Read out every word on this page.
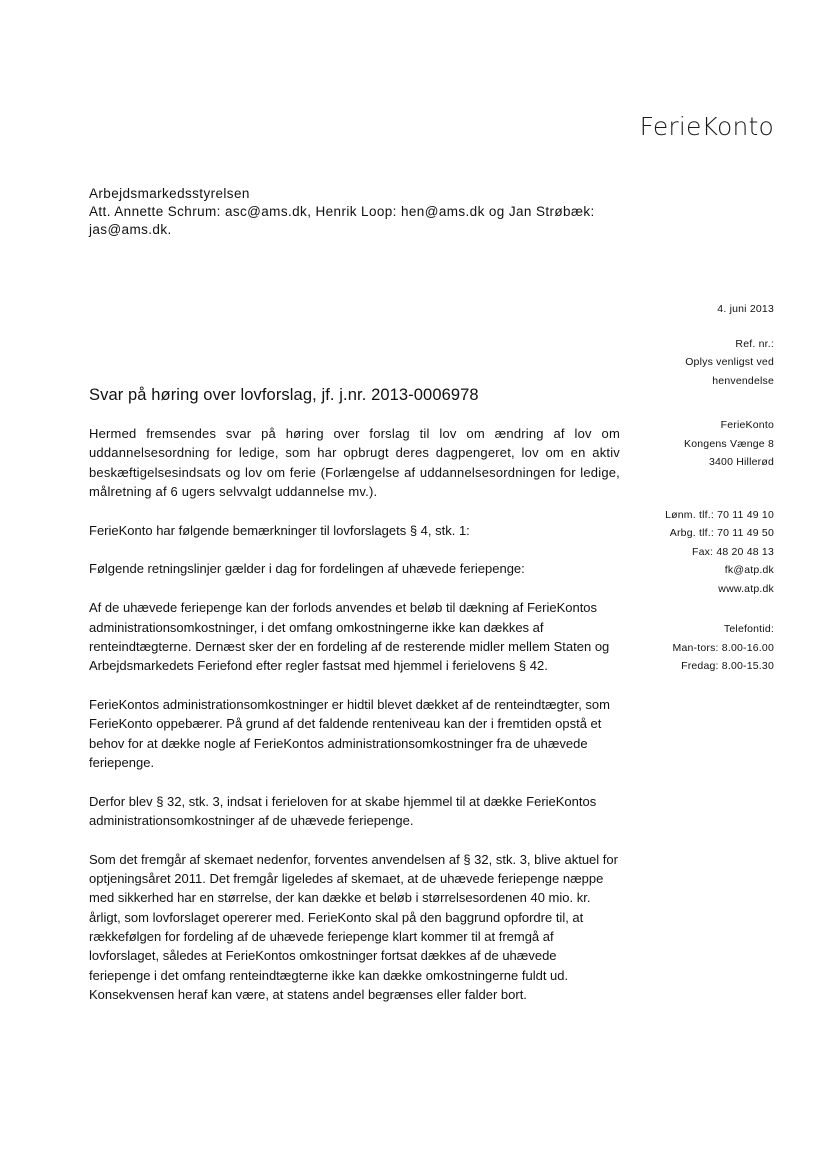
FerieKonto
Arbejdsmarkedsstyrelsen
Att. Annette Schrum: asc@ams.dk, Henrik Loop: hen@ams.dk og Jan Strøbæk:
jas@ams.dk.
4. juni 2013
Ref. nr.:
Oplys venligst ved
henvendelse
FerieKonto
Kongens Vænge 8
3400 Hillerød
Lønm. tlf.: 70 11 49 10
Arbg. tlf.: 70 11 49 50
Fax: 48 20 48 13
fk@atp.dk
www.atp.dk
Telefontid:
Man-tors: 8.00-16.00
Fredag: 8.00-15.30
Svar på høring over lovforslag, jf. j.nr. 2013-0006978

Hermed fremsendes svar på høring over forslag til lov om ændring af lov om uddannelsesordning for ledige, som har opbrugt deres dagpengeret, lov om en aktiv beskæftigelsesindsats og lov om ferie (Forlængelse af uddannelsesordningen for ledige, målretning af 6 ugers selvvalgt uddannelse mv.).

FerieKonto har følgende bemærkninger til lovforslagets § 4, stk. 1:

Følgende retningslinjer gælder i dag for fordelingen af uhævede feriepenge:

Af de uhævede feriepenge kan der forlods anvendes et beløb til dækning af FerieKontos administrationsomkostninger, i det omfang omkostningerne ikke kan dækkes af renteindtægterne. Dernæst sker der en fordeling af de resterende midler mellem Staten og Arbejdsmarkedets Feriefond efter regler fastsat med hjemmel i ferielovens § 42.

FerieKontos administrationsomkostninger er hidtil blevet dækket af de renteindtægter, som FerieKonto oppebærer. På grund af det faldende renteniveau kan der i fremtiden opstå et behov for at dække nogle af FerieKontos administrationsomkostninger fra de uhævede feriepenge.

Derfor blev § 32, stk. 3, indsat i ferieloven for at skabe hjemmel til at dække FerieKontos administrationsomkostninger af de uhævede feriepenge.

Som det fremgår af skemaet nedenfor, forventes anvendelsen af § 32, stk. 3, blive aktuel for optjeningsåret 2011. Det fremgår ligeledes af skemaet, at de uhævede feriepenge næppe med sikkerhed har en størrelse, der kan dække et beløb i størrelsesordenen 40 mio. kr. årligt, som lovforslaget opererer med. FerieKonto skal på den baggrund opfordre til, at rækkefølgen for fordeling af de uhævede feriepenge klart kommer til at fremgå af lovforslaget, således at FerieKontos omkostninger fortsat dækkes af de uhævede feriepenge i det omfang renteindtægterne ikke kan dække omkostningerne fuldt ud. Konsekvensen heraf kan være, at statens andel begrænses eller falder bort.
